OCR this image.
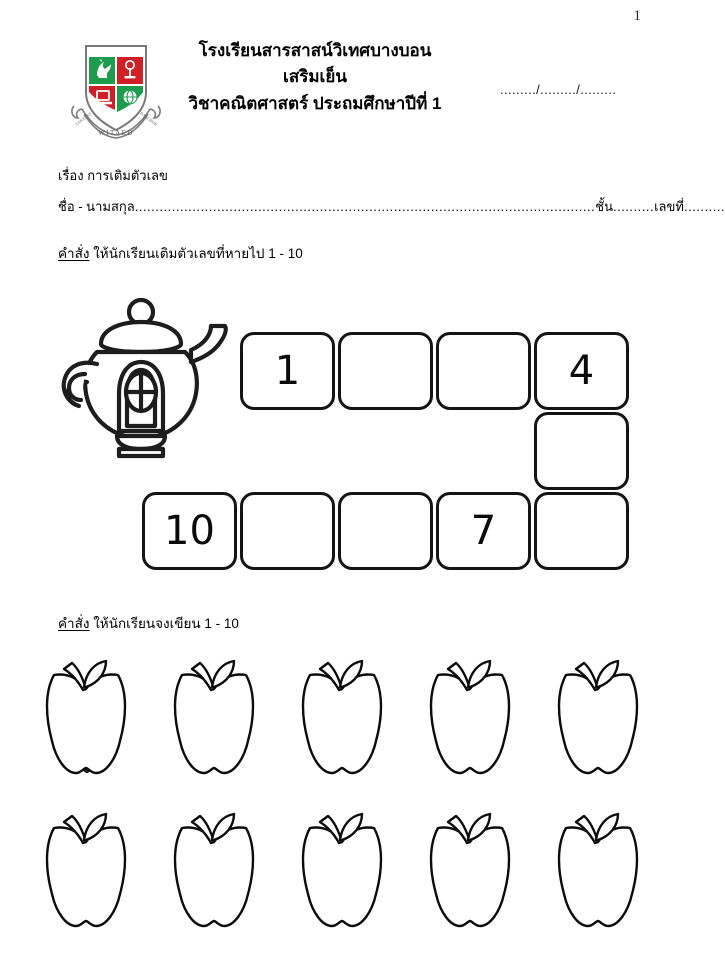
1
WITAED
SARASAS	BANGBON
โรงเรียนสารสาสน์วิเทศบางบอน
เสริมเย็น
วิชาคณิตศาสตร์ ประถมศึกษาปีที่ 1
........./........./.........
เรื่อง การเติมตัวเลข
ชื่อ - นามสกุล................................................................................................................ชั้น..........เลขที่..........
คำสั่ง ให้นักเรียนเติมตัวเลขที่หายไป 1 - 10
1	4
7
10
คำสั่ง ให้นักเรียนจงเขียน 1 - 10
